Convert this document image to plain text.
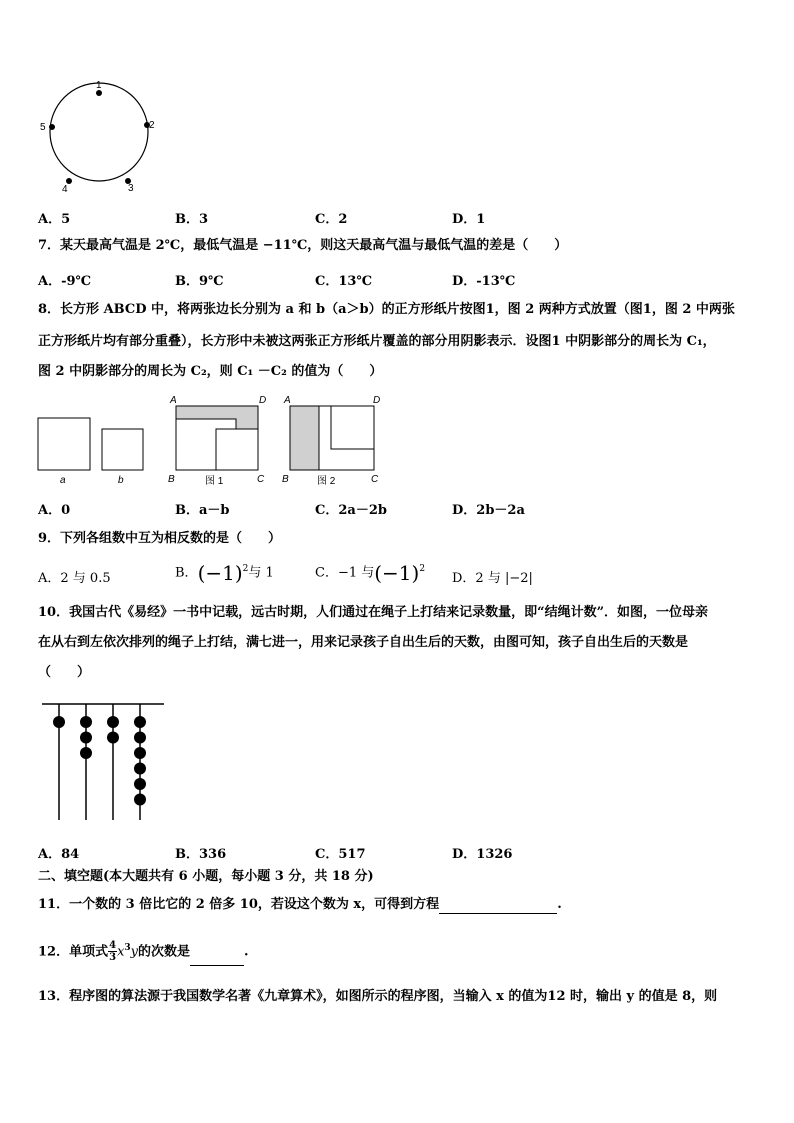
1
2
3
4
5
A．5	B．3	C．2	D．1
7．某天最高气温是 2℃，最低气温是 −11℃，则这天最高气温与最低气温的差是（　　）
A．-9℃	B．9℃	C．13℃	D．-13℃
8．长方形 ABCD 中，将两张边长分别为 a 和 b（a＞b）的正方形纸片按图1，图 2 两种方式放置（图1，图 2 中两张
正方形纸片均有部分重叠），长方形中未被这两张正方形纸片覆盖的部分用阴影表示．设图1 中阴影部分的周长为 C₁，
图 2 中阴影部分的周长为 C₂，则 C₁ －C₂ 的值为（　　）
a	b
A	D
B	C
图 1
A	D
B	C
图 2
A．0	B．a－b	C．2a－2b	D．2b－2a
9．下列各组数中互为相反数的是（　　）
A．2 与 0.5	B．$(-1)^2$与 1	C．−1 与$(-1)^2$
D．2 与 |−2|
10．我国古代《易经》一书中记载，远古时期，人们通过在绳子上打结来记录数量，即“结绳计数”．如图，一位母亲
在从右到左依次排列的绳子上打结，满七进一，用来记录孩子自出生后的天数，由图可知，孩子自出生后的天数是
（　　）
A．84	B．336	C．517	D．1326
二、填空题(本大题共有 6 小题，每小题 3 分，共 18 分)
11．一个数的 3 倍比它的 2 倍多 10，若设这个数为 x，可得到方程	.
12．单项式 $\frac{4}{3} x^3y$的次数是	.
13．程序图的算法源于我国数学名著《九章算术》，如图所示的程序图，当输入 x 的值为12 时，输出 y 的值是 8，则
